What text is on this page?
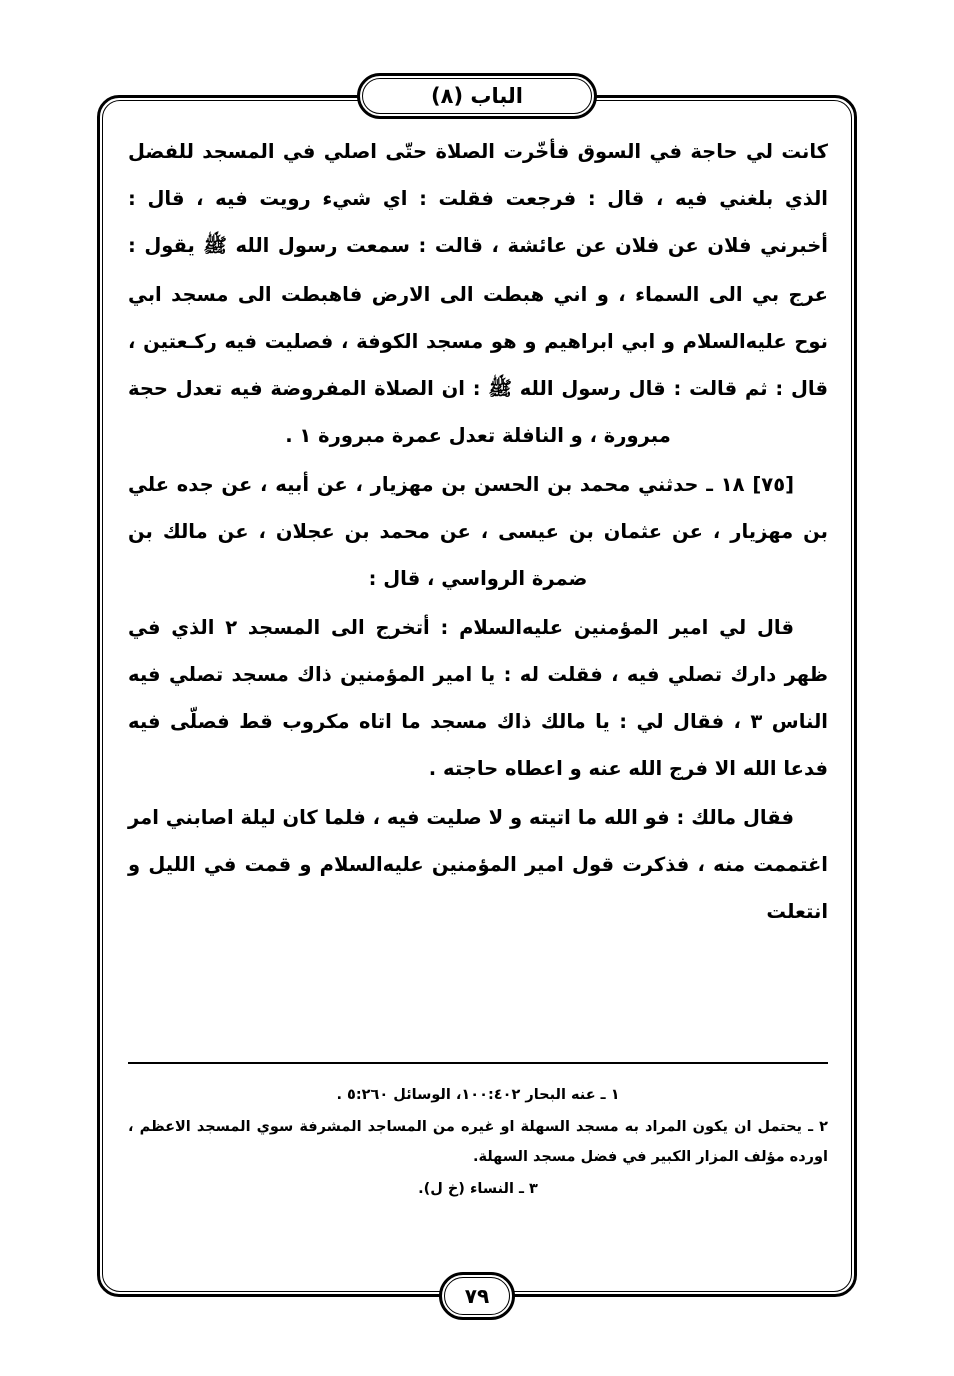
الباب (٨)

كانت لي حاجة في السوق فأخّرت الصلاة حتّى اصلي في المسجد للفضل الذي بلغني فيه ، قال : فرجعت فقلت : اي شيء رويت فيه ، قال : أخبرني فلان عن فلان عن عائشة ، قالت : سمعت رسول الله ﷺ يقول :

عرج بي الى السماء ، و اني هبطت الى الارض فاهبطت الى مسجد ابي نوح عليه‌السلام و ابي ابراهيم و هو مسجد الكوفة ، فصليت فيه ركـعتين ، قال : ثم قالت : قال رسول الله ﷺ : ان الصلاة المفروضة فيه تعدل حجة مبرورة ، و النافلة تعدل عمرة مبرورة ١ .

[٧٥] ١٨ ـ حدثني محمد بن الحسن بن مهزيار ، عن أبيه ، عن جده علي بن مهزيار ، عن عثمان بن عيسى ، عن محمد بن عجلان ، عن مالك بن ضمرة الرواسي ، قال :

قال لي امير المؤمنين عليه‌السلام : أتخرج الى المسجد ٢ الذي في ظهر دارك تصلي فيه ، فقلت له : يا امير المؤمنين ذاك مسجد تصلي فيه الناس ٣ ، فقال لي : يا مالك ذاك مسجد ما اتاه مكروب قط فصلّى فيه فدعا الله الا فرج الله عنه و اعطاه حاجته .

فقال مالك : فو الله ما اتيته و لا صليت فيه ، فلما كان ليلة اصابني امر اغتممت منه ، فذكرت قول امير المؤمنين عليه‌السلام و قمت في الليل و انتعلت

١ ـ عنه البحار ١٠٠:٤٠٢، الوسائل ٥:٢٦٠ .

٢ ـ يحتمل ان يكون المراد به مسجد السهلة او غيره من المساجد المشرفة سوي المسجد الاعظم ، اورده مؤلف المزار الكبير في فضل مسجد السهلة.

٣ ـ النساء (خ ل).

٧٩
